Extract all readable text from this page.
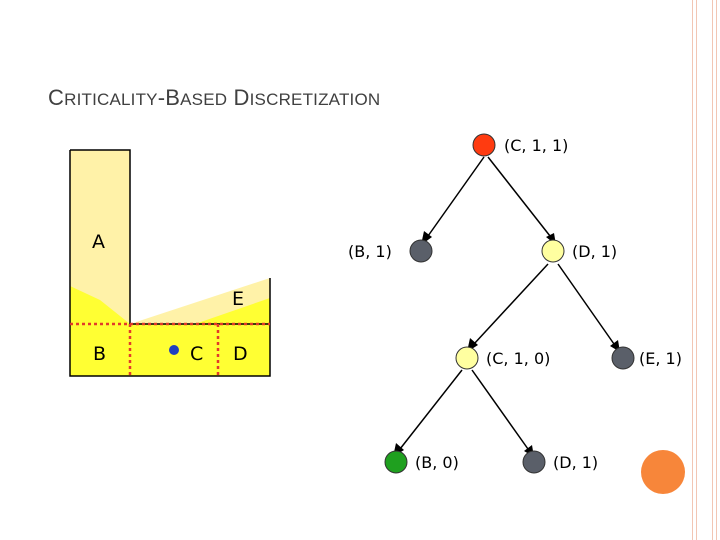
CRITICALITY-BASED DISCRETIZATION
A
B	C D
E
(C, 1, 1)
(B, 1)	(D, 1)
(C, 1, 0)	(E, 1)
(B, 0)	(D, 1)
